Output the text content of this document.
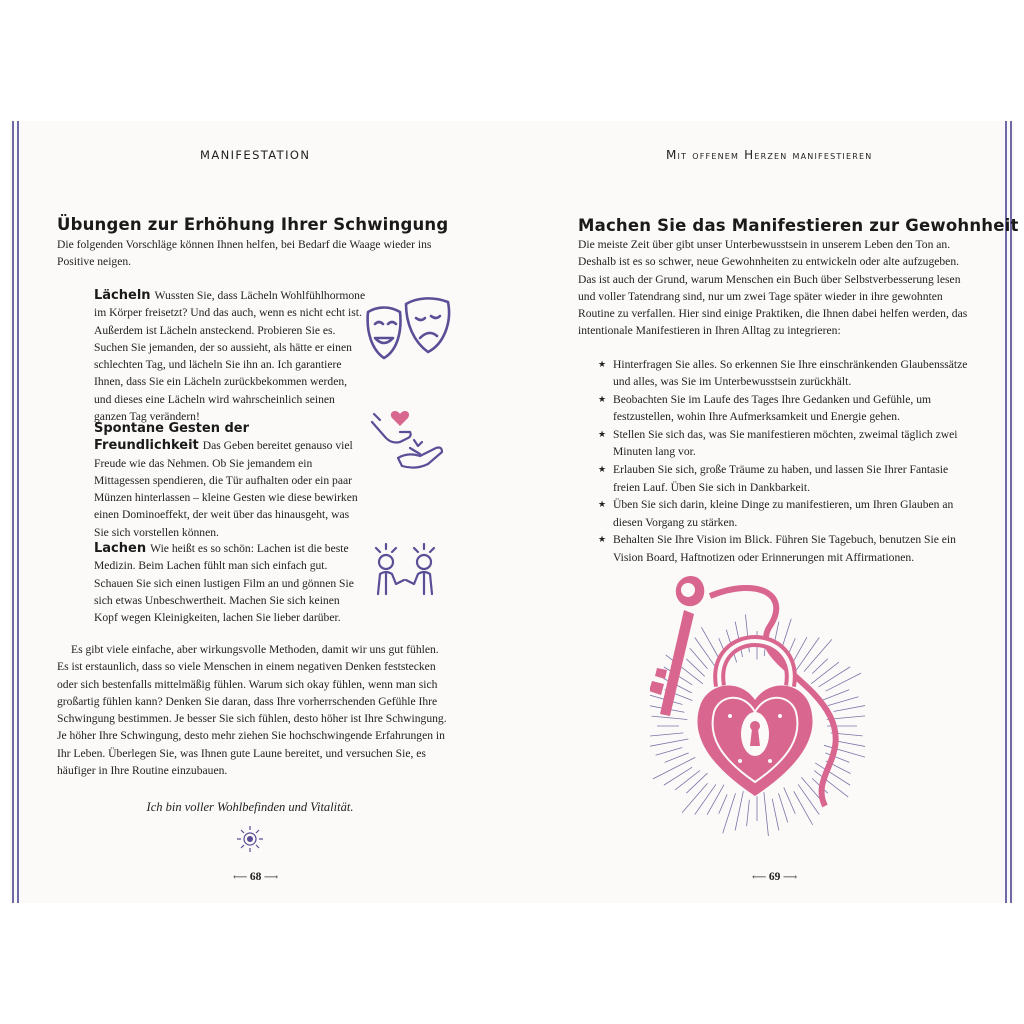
MANIFESTATION
Übungen zur Erhöhung Ihrer Schwingung

Die folgenden Vorschläge können Ihnen helfen, bei Bedarf die Waage wieder ins Positive neigen.

Lächeln Wussten Sie, dass Lächeln Wohlfühlhormone im Körper freisetzt? Und das auch, wenn es nicht echt ist. Außerdem ist Lächeln ansteckend. Probieren Sie es. Suchen Sie jemanden, der so aussieht, als hätte er einen schlechten Tag, und lächeln Sie ihn an. Ich garantiere Ihnen, dass Sie ein Lächeln zurückbekommen werden, und dieses eine Lächeln wird wahrscheinlich seinen ganzen Tag verändern!

Spontane Gesten der Freundlichkeit Das Geben bereitet genauso viel Freude wie das Nehmen. Ob Sie jemandem ein Mittagessen spendieren, die Tür aufhalten oder ein paar Münzen hinterlassen – kleine Gesten wie diese bewirken einen Dominoeffekt, der weit über das hinausgeht, was Sie sich vorstellen können.

Lachen Wie heißt es so schön: Lachen ist die beste Medizin. Beim Lachen fühlt man sich einfach gut. Schauen Sie sich einen lustigen Film an und gönnen Sie sich etwas Unbeschwertheit. Machen Sie sich keinen Kopf wegen Kleinigkeiten, lachen Sie lieber darüber.

Es gibt viele einfache, aber wirkungsvolle Methoden, damit wir uns gut fühlen. Es ist erstaunlich, dass so viele Menschen in einem negativen Denken feststecken oder sich bestenfalls mittelmäßig fühlen. Warum sich okay fühlen, wenn man sich großartig fühlen kann? Denken Sie daran, dass Ihre vorherrschenden Gefühle Ihre Schwingung bestimmen. Je besser Sie sich fühlen, desto höher ist Ihre Schwingung. Je höher Ihre Schwingung, desto mehr ziehen Sie hochschwingende Erfahrungen in Ihr Leben. Überlegen Sie, was Ihnen gute Laune bereitet, und versuchen Sie, es häufiger in Ihre Routine einzubauen.

Ich bin voller Wohlbefinden und Vitalität.
⟵ 68 ⟶
Mit offenem Herzen manifestieren
Machen Sie das Manifestieren zur Gewohnheit

Die meiste Zeit über gibt unser Unterbewusstsein in unserem Leben den Ton an. Deshalb ist es so schwer, neue Gewohnheiten zu entwickeln oder alte aufzugeben. Das ist auch der Grund, warum Menschen ein Buch über Selbstverbesserung lesen und voller Tatendrang sind, nur um zwei Tage später wieder in ihre gewohnten Routine zu verfallen. Hier sind einige Praktiken, die Ihnen dabei helfen werden, das intentionale Manifestieren in Ihren Alltag zu integrieren:

★ Hinterfragen Sie alles. So erkennen Sie Ihre einschränkenden Glaubenssätze und alles, was Sie im Unterbewusstsein zurückhält.
★ Beobachten Sie im Laufe des Tages Ihre Gedanken und Gefühle, um festzustellen, wohin Ihre Aufmerksamkeit und Energie gehen.
★ Stellen Sie sich das, was Sie manifestieren möchten, zweimal täglich zwei Minuten lang vor.
★ Erlauben Sie sich, große Träume zu haben, und lassen Sie Ihrer Fantasie freien Lauf. Üben Sie sich in Dankbarkeit.
★ Üben Sie sich darin, kleine Dinge zu manifestieren, um Ihren Glauben an diesen Vorgang zu stärken.
★ Behalten Sie Ihre Vision im Blick. Führen Sie Tagebuch, benutzen Sie ein Vision Board, Haftnotizen oder Erinnerungen mit Affirmationen.
⟵ 69 ⟶
